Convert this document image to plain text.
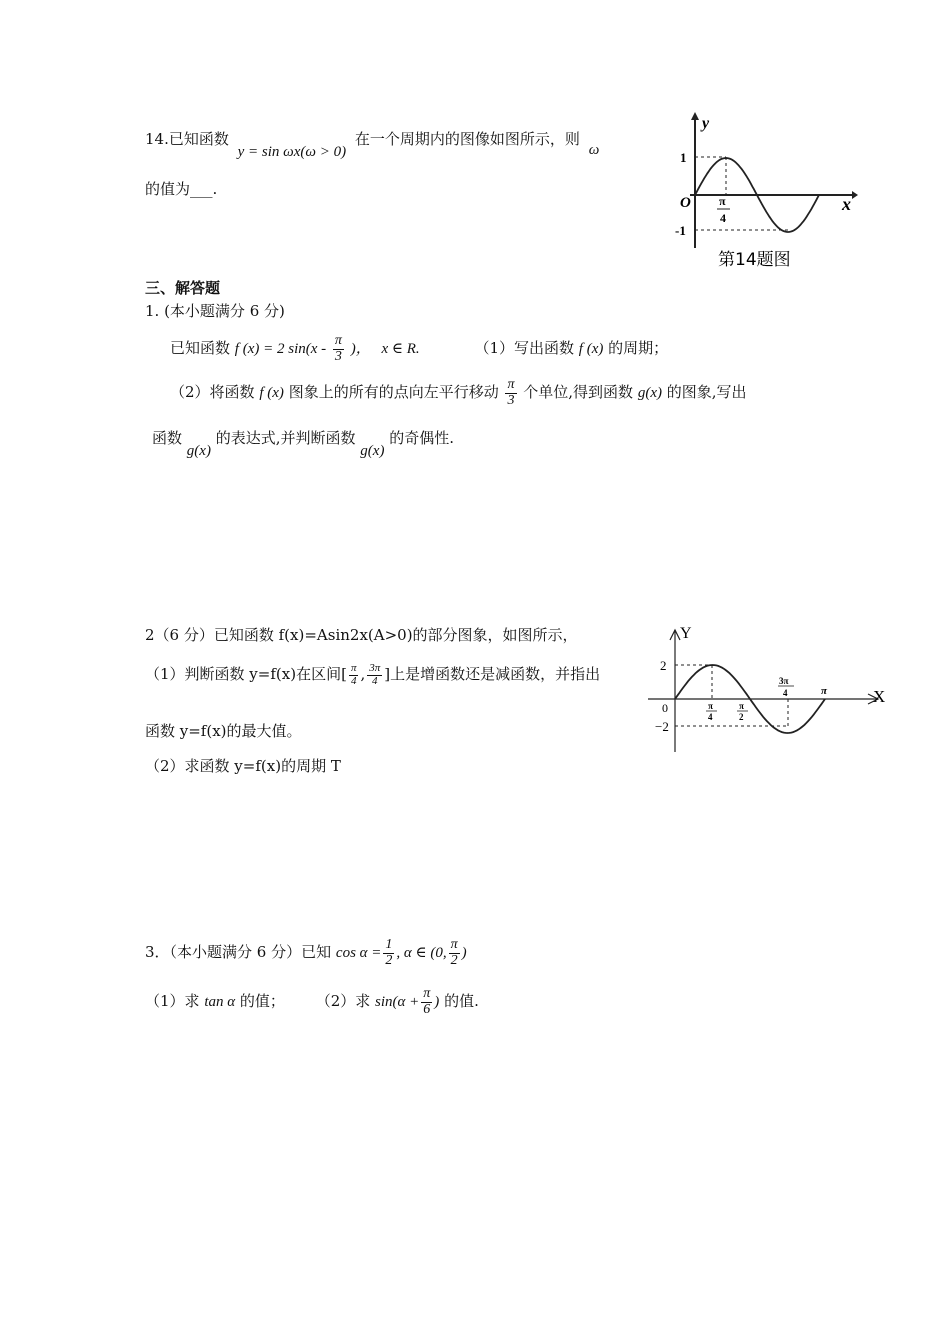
14.已知函数 y = sin ωx(ω > 0) 在一个周期内的图像如图所示，则 ω
的值为___.
y
x
O
1
-1
π
4
第14题图
三、解答题
1. (本小题满分 6 分)
已知函数 f (x) = 2 $\sin(x - \frac{\pi}{3}$ )， x ∈ R.	（1）写出函数 f (x) 的周期；
（2）将函数 f (x) 图象上的所有的点向左平行移动 $\frac{\pi}{3}$ 个单位,得到函数 g(x) 的图象,写出
函数 g(x) 的表达式,并判断函数 g(x) 的奇偶性.
2（6 分）已知函数 f(x)=Asin2x(A>0)的部分图象，如图所示，
（1）判断函数 y=f(x)在区间[ $\frac{\pi}{4}$ , $\frac{3\pi}{4}$ ]上是增函数还是减函数，并指出
函数 y=f(x)的最大值。
（2）求函数 y=f(x)的周期 T
Y
X
0
2
−2
π
4
π
2
3π
4	π
3．（本小题满分 6 分）已知 $\cos \alpha = \frac{1}{2}$ , α ∈ (0, $\frac{\pi}{2}$ )
（1）求 tan α 的值； （2）求 $\sin(\alpha + \frac{\pi}{6}$ ) 的值.
